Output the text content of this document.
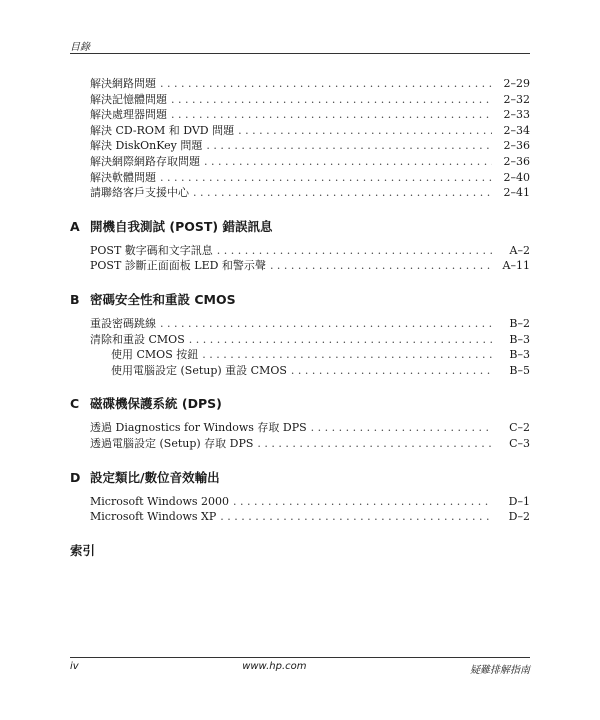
目錄
解決網路問題 . . .	2–29
解決記憶體問題 . . .	2–32
解決處理器問題 . . .	2–33
解決 CD-ROM 和 DVD 問題 . . .	2–34
解決 DiskOnKey 問題 . . .	2–36
解決網際網路存取問題 . . .	2–36
解決軟體問題 . . .	2–40
請聯絡客戶支援中心 . . .	2–41
A 開機自我測試 (POST) 錯誤訊息
POST 數字碼和文字訊息 . . .	A–2
POST 診斷正面面板 LED 和警示聲 . . .	A–11
B 密碼安全性和重設 CMOS
重設密碼跳線 . . .	B–2
清除和重設 CMOS . . .	B–3
使用 CMOS 按鈕 . . .	B–3
使用電腦設定 (Setup) 重設 CMOS . . .	B–5
C 磁碟機保護系統 (DPS)
透過 Diagnostics for Windows 存取 DPS . . .	C–2
透過電腦設定 (Setup) 存取 DPS . . .	C–3
D 設定類比/數位音效輸出
Microsoft Windows 2000 . . .	D–1
Microsoft Windows XP . . .	D–2
索引
iv	www.hp.com	疑難排解指南
